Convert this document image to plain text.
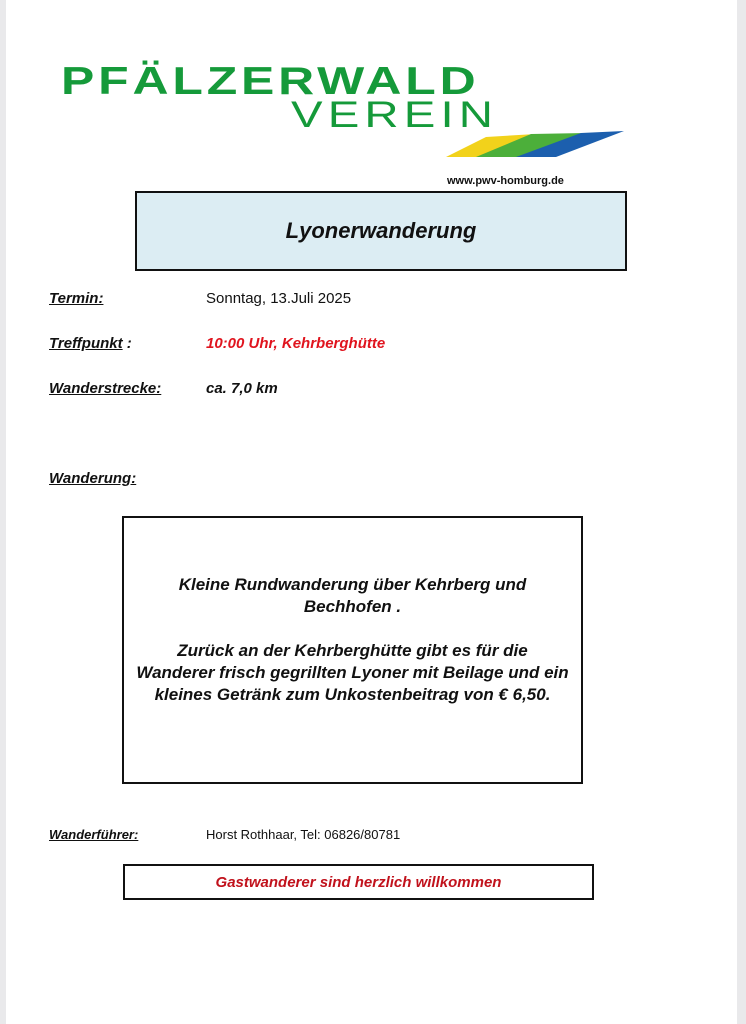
PFÄLZERWALD
VEREIN
www.pwv-homburg.de
Lyonerwanderung
Termin:	Sonntag, 13.Juli 2025
Treffpunkt :	10:00 Uhr, Kehrberghütte
Wanderstrecke:	ca. 7,0 km
Wanderung:

Kleine Rundwanderung über Kehrberg und Bechhofen .

Zurück an der Kehrberghütte gibt es für die Wanderer frisch gegrillten Lyoner mit Beilage und ein kleines Getränk zum Unkostenbeitrag von € 6,50.

Wanderführer:	Horst Rothhaar, Tel: 06826/80781
Gastwanderer sind herzlich willkommen
